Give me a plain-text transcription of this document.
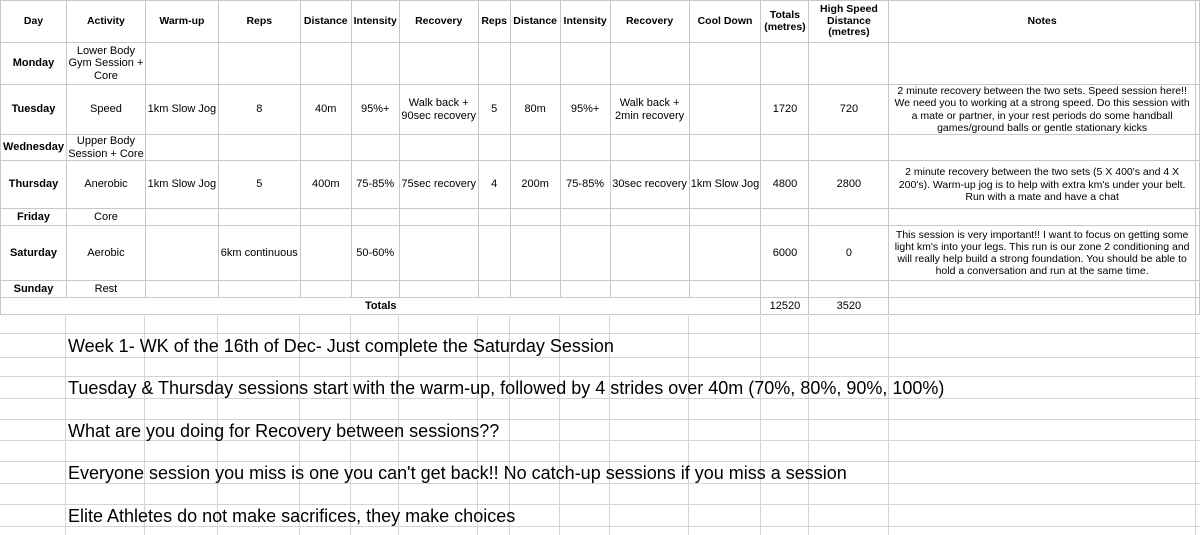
Day	Activity	Warm-up	Reps	Distance	Intensity	Recovery	Reps	Distance	Intensity	Recovery	Cool Down	Totals (metres)	High Speed Distance (metres)	Notes	
Monday	Lower Body Gym Session + Core														
Tuesday	Speed	1km Slow Jog	8	40m	95%+	Walk back + 90sec recovery	5	80m	95%+	Walk back + 2min recovery		1720	720	2 minute recovery between the two sets. Speed session here!! We need you to working at a strong speed. Do this session with a mate or partner, in your rest periods do some handball games/ground balls or gentle stationary kicks	
Wednesday	Upper Body Session + Core														
Thursday	Anerobic	1km Slow Jog	5	400m	75-85%	75sec recovery	4	200m	75-85%	30sec recovery	1km Slow Jog	4800	2800	2 minute recovery between the two sets (5 X 400's and 4 X 200's). Warm-up jog is to help with extra km's under your belt. Run with a mate and have a chat	
Friday	Core														
Saturday	Aerobic		6km continuous		50-60%							6000	0	This session is very important!! I want to focus on getting some light km's into your legs. This run is our zone 2 conditioning and will really help build a strong foundation. You should be able to hold a conversation and run at the same time.	
Sunday	Rest														
Totals												12520	3520		
Week 1- WK of the 16th of Dec- Just complete the Saturday Session
Tuesday & Thursday sessions start with the warm-up, followed by 4 strides over 40m (70%, 80%, 90%, 100%)
What are you doing for Recovery between sessions??
Everyone session you miss is one you can't get back!! No catch-up sessions if you miss a session
Elite Athletes do not make sacrifices, they make choices
